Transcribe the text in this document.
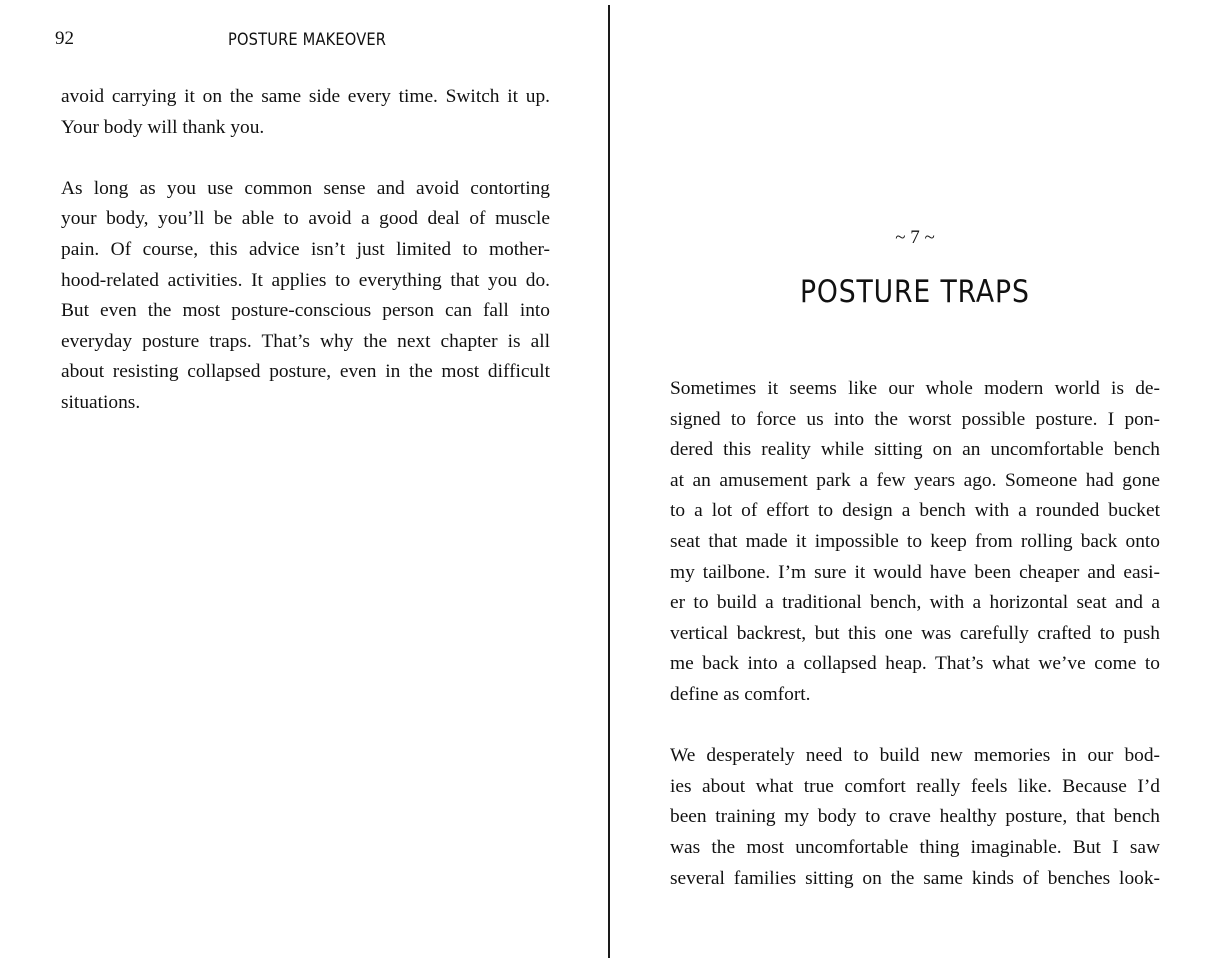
92	POSTURE MAKEOVER

avoid carrying it on the same side every time. Switch it up.
Your body will thank you.

As long as you use common sense and avoid contorting
your body, you’ll be able to avoid a good deal of muscle
pain. Of course, this advice isn’t just limited to mother-
hood-related activities. It applies to everything that you do.
But even the most posture-conscious person can fall into
everyday posture traps. That’s why the next chapter is all
about resisting collapsed posture, even in the most difficult
situations.

~ 7 ~
POSTURE TRAPS

Sometimes it seems like our whole modern world is de-
signed to force us into the worst possible posture. I pon-
dered this reality while sitting on an uncomfortable bench
at an amusement park a few years ago. Someone had gone
to a lot of effort to design a bench with a rounded bucket
seat that made it impossible to keep from rolling back onto
my tailbone. I’m sure it would have been cheaper and easi-
er to build a traditional bench, with a horizontal seat and a
vertical backrest, but this one was carefully crafted to push
me back into a collapsed heap. That’s what we’ve come to
define as comfort.

We desperately need to build new memories in our bod-
ies about what true comfort really feels like. Because I’d
been training my body to crave healthy posture, that bench
was the most uncomfortable thing imaginable. But I saw
several families sitting on the same kinds of benches look-
